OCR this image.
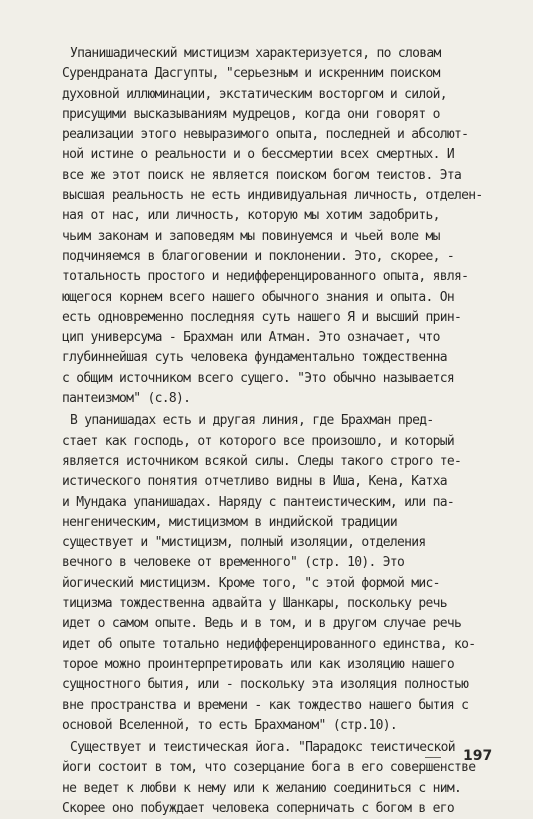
Упанишадический мистицизм характеризуется, по словам
Сурендраната Дасгупты, "серьезным и искренним поиском
духовной иллюминации, экстатическим восторгом и силой,
присущими высказываниям мудрецов, когда они говорят о
реализации этого невыразимого опыта, последней и абсолют-
ной истине о реальности и о бессмертии всех смертных. И
все же этот поиск не является поиском богом теистов. Эта
высшая реальность не есть индивидуальная личность, отделен-
ная от нас, или личность, которую мы хотим задобрить,
чьим законам и заповедям мы повинуемся и чьей воле мы
подчиняемся в благоговении и поклонении. Это, скорее, -
тотальность простого и недифференцированного опыта, явля-
ющегося корнем всего нашего обычного знания и опыта. Он
есть одновременно последняя суть нашего Я и высший прин-
цип универсума - Брахман или Атман. Это означает, что
глубиннейшая суть человека фундаментально тождественна
с общим источником всего сущего. "Это обычно называется
пантеизмом" (с.8).
В упанишадах есть и другая линия, где Брахман пред-
стает как господь, от которого все произошло, и который
является источником всякой силы. Следы такого строго те-
истического понятия отчетливо видны в Иша, Кена, Катха
и Мундака упанишадах. Наряду с пантеистическим, или па-
ненгеническим, мистицизмом в индийской традиции
существует и "мистицизм, полный изоляции, отделения
вечного в человеке от временного" (стр. 10). Это
йогический мистицизм. Кроме того, "с этой формой мис-
тицизма тождественна адвайта у Шанкары, поскольку речь
идет о самом опыте. Ведь и в том, и в другом случае речь
идет об опыте тотально недифференцированного единства, ко-
торое можно проинтерпретировать или как изоляцию нашего
сущностного бытия, или - поскольку эта изоляция полностью
вне пространства и времени - как тождество нашего бытия с
основой Вселенной, то есть Брахманом" (стр.10).
Существует и теистическая йога. "Парадокс теистической
йоги состоит в том, что созерцание бога в его совершенстве
не ведет к любви к нему или к желанию соединиться с ним.
Скорее оно побуждает человека соперничать с богом в его
197
